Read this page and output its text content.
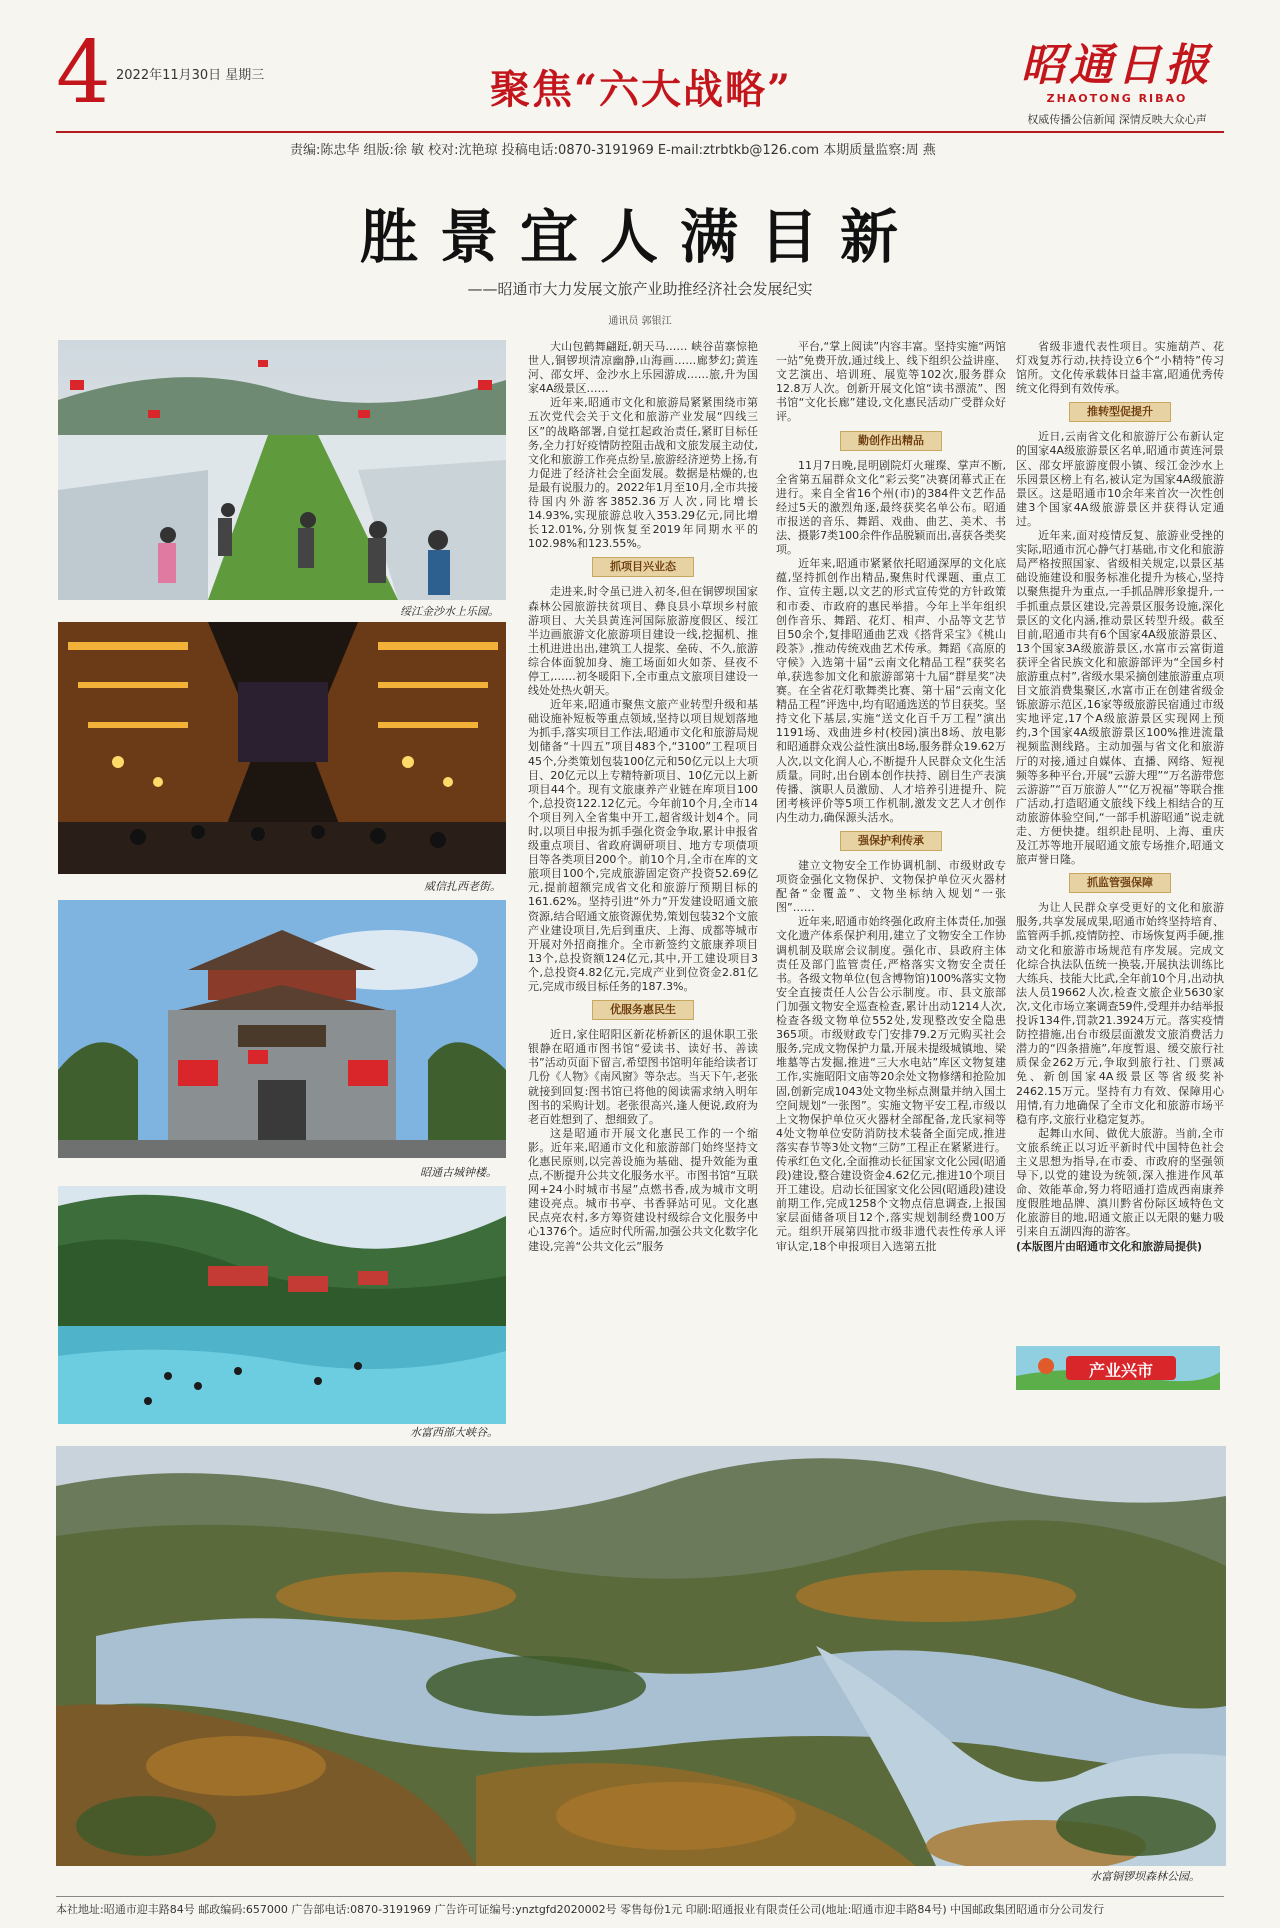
4 2022年11月30日 星期三	聚焦“六大战略”	昭通日报
ZHAOTONG RIBAO
权威传播公信新闻 深情反映大众心声
责编:陈忠华 组版:徐 敏 校对:沈艳琼 投稿电话:0870-3191969 E-mail:ztrbtkb@126.com 本期质量监察:周 燕
胜景宜人满目新
——昭通市大力发展文旅产业助推经济社会发展纪实
通讯员 郭银江
绥江金沙水上乐园。
威信扎西老街。
昭通古城钟楼。
水富西部大峡谷。

大山包鹤舞翩跹,朝天马…… 峡谷苗寨惊艳世人,铜锣坝清凉幽静,山海画……廊梦幻;黄连河、邵女坪、金沙水上乐园游成……旅,升为国家4A级景区……

近年来,昭通市文化和旅游局紧紧围绕市第五次党代会关于文化和旅游产业发展“四线三区”的战略部署,自觉扛起政治责任,紧盯目标任务,全力打好疫情防控阻击战和文旅发展主动仗,文化和旅游工作亮点纷呈,旅游经济逆势上扬,有力促进了经济社会全面发展。数据是枯燥的,也是最有说服力的。2022年1月至10月,全市共接待国内外游客3852.36万人次,同比增长14.93%,实现旅游总收入353.29亿元,同比增长12.01%,分别恢复至2019年同期水平的102.98%和123.55%。

抓项目兴业态

走进来,时令虽已进入初冬,但在铜锣坝国家森林公园旅游扶贫项目、彝良县小草坝乡村旅游项目、大关县黄连河国际旅游度假区、绥江半边画旅游文化旅游项目建设一线,挖掘机、推土机进进出出,建筑工人提浆、垒砖、不久,旅游综合体面貌加身、施工场面如火如荼、昼夜不停工,……初冬暖阳下,全市重点文旅项目建设一线处处热火朝天。

近年来,昭通市聚焦文旅产业转型升级和基础设施补短板等重点领域,坚持以项目规划落地为抓手,落实项目工作法,昭通市文化和旅游局规划储备“十四五”项目483个,“3100”工程项目45个,分类策划包装100亿元和50亿元以上大项目、20亿元以上专精特新项目、10亿元以上新项目44个。现有文旅康养产业链在库项目100个,总投资122.12亿元。今年前10个月,全市14个项目列入全省集中开工,超省级计划4个。同时,以项目申报为抓手强化资金争取,累计申报省级重点项目、省政府调研项目、地方专项债项目等各类项目200个。前10个月,全市在库的文旅项目100个,完成旅游固定资产投资52.69亿元,提前超额完成省文化和旅游厅预期目标的161.62%。坚持引进“外力”开发建设昭通文旅资源,结合昭通文旅资源优势,策划包装32个文旅产业建设项目,先后到重庆、上海、成都等城市开展对外招商推介。全市新签约文旅康养项目13个,总投资额124亿元,其中,开工建设项目3个,总投资4.82亿元,完成产业到位资金2.81亿元,完成市级目标任务的187.3%。

优服务惠民生

近日,家住昭阳区新花桥新区的退休职工张银静在昭通市图书馆“爱读书、读好书、善读书”活动页面下留言,希望图书馆明年能给读者订几份《人物》《南风窗》等杂志。当天下午,老张就接到回复:图书馆已将他的阅读需求纳入明年图书的采购计划。老张很高兴,逢人便说,政府为老百姓想到了、想细致了。

这是昭通市开展文化惠民工作的一个缩影。近年来,昭通市文化和旅游部门始终坚持文化惠民原则,以完善设施为基础、提升效能为重点,不断提升公共文化服务水平。市图书馆“互联网+24小时城市书屋”点燃书香,成为城市文明建设亮点。城市书亭、书香驿站可见。文化惠民点亮农村,多方筹资建设村级综合文化服务中心1376个。适应时代所需,加强公共文化数字化建设,完善“公共文化云”服务

平台,“掌上阅读”内容丰富。坚持实施“两馆一站”免费开放,通过线上、线下组织公益讲座、文艺演出、培训班、展览等102次,服务群众12.8万人次。创新开展文化馆“读书漂流”、图书馆“文化长廊”建设,文化惠民活动广受群众好评。

勤创作出精品

11月7日晚,昆明剧院灯火璀璨、掌声不断,全省第五届群众文化“彩云奖”决赛闭幕式正在进行。来自全省16个州(市)的384件文艺作品经过5天的激烈角逐,最终获奖名单公布。昭通市报送的音乐、舞蹈、戏曲、曲艺、美术、书法、摄影7类100余件作品脱颖而出,喜获各类奖项。

近年来,昭通市紧紧依托昭通深厚的文化底蕴,坚持抓创作出精品,聚焦时代课题、重点工作、宣传主题,以文艺的形式宣传党的方针政策和市委、市政府的惠民举措。今年上半年组织创作音乐、舞蹈、花灯、相声、小品等文艺节目50余个,复排昭通曲艺戏《搭背采宝》《桃山段茶》,推动传统戏曲艺术传承。舞蹈《高原的守候》入选第十届“云南文化精品工程”获奖名单,获选参加文化和旅游部第十九届“群星奖”决赛。在全省花灯歌舞类比赛、第十届“云南文化精品工程”评选中,均有昭通选送的节目获奖。坚持文化下基层,实施“送文化百千万工程”演出1191场、戏曲进乡村(校园)演出8场、放电影和昭通群众戏公益性演出8场,服务群众19.62万人次,以文化润人心,不断提升人民群众文化生活质量。同时,出台剧本创作扶持、剧目生产表演传播、演职人员激励、人才培养引进提升、院团考核评价等5项工作机制,激发文艺人才创作内生动力,确保源头活水。

强保护利传承

建立文物安全工作协调机制、市级财政专项资金强化文物保护、文物保护单位灭火器材配备“金覆盖”、文物坐标纳入规划“一张图”……

近年来,昭通市始终强化政府主体责任,加强文化遗产体系保护利用,建立了文物安全工作协调机制及联席会议制度。强化市、县政府主体责任及部门监管责任,严格落实文物安全责任书。各级文物单位(包含博物馆)100%落实文物安全直接责任人公告公示制度。市、县文旅部门加强文物安全巡查检查,累计出动1214人次,检查各级文物单位552处,发现整改安全隐患365项。市级财政专门安排79.2万元购买社会服务,完成文物保护力量,开展未提级城镇地、梁堆墓等古发掘,推进“三大水电站”库区文物复建工作,实施昭阳文庙等20余处文物修缮和抢险加固,创新完成1043处文物坐标点测量并纳入国土空间规划“一张图”。实施文物平安工程,市级以上文物保护单位灭火器材全部配备,龙氏家祠等4处文物单位安防消防技术装备全面完成,推进落实春节等3处文物“三防”工程正在紧紧进行。传承红色文化,全面推动长征国家文化公园(昭通段)建设,整合建设资金4.62亿元,推进10个项目开工建设。启动长征国家文化公园(昭通段)建设前期工作,完成1258个文物点信息调查,上报国家层面储备项目12个,落实规划制经费100万元。组织开展第四批市级非遗代表性传承人评审认定,18个申报项目入选第五批

省级非遗代表性项目。实施葫芦、花灯戏复苏行动,扶持设立6个“小精特”传习馆所。文化传承载体日益丰富,昭通优秀传统文化得到有效传承。

推转型促提升

近日,云南省文化和旅游厅公布新认定的国家4A级旅游景区名单,昭通市黄连河景区、邵女坪旅游度假小镇、绥江金沙水上乐园景区榜上有名,被认定为国家4A级旅游景区。这是昭通市10余年来首次一次性创建3个国家4A级旅游景区并获得认定通过。

近年来,面对疫情反复、旅游业受挫的实际,昭通市沉心静气打基础,市文化和旅游局严格按照国家、省级相关规定,以景区基础设施建设和服务标准化提升为核心,坚持以聚焦提升为重点,一手抓品牌形象提升,一手抓重点景区建设,完善景区服务设施,深化景区的文化内涵,推动景区转型升级。截至目前,昭通市共有6个国家4A级旅游景区、13个国家3A级旅游景区,水富市云富街道获评全省民族文化和旅游部评为“全国乡村旅游重点村”,省级水果采摘创建旅游重点项目文旅消费集聚区,水富市正在创建省级金铄旅游示范区,16家等级旅游民宿通过市级实地评定,17个A级旅游景区实现网上预约,3个国家4A级旅游景区100%推进流量视频监测线路。主动加强与省文化和旅游厅的对接,通过自媒体、直播、网络、短视频等多种平台,开展“云游大理”“万名游带您云游游”“百万旅游人”“亿万祝福”等联合推广活动,打造昭通文旅线下线上相结合的互动旅游体验空间,“一部手机游昭通”说走就走、方便快捷。组织赴昆明、上海、重庆及江苏等地开展昭通文旅专场推介,昭通文旅声誉日隆。

抓监管强保障

为让人民群众享受更好的文化和旅游服务,共享发展成果,昭通市始终坚持培育、监管两手抓,疫情防控、市场恢复两手硬,推动文化和旅游市场规范有序发展。完成文化综合执法队伍统一换装,开展执法训练比大练兵、技能大比武,全年前10个月,出动执法人员19662人次,检查文旅企业5630家次,文化市场立案调查59件,受理并办结举报投诉134件,罚款21.3924万元。落实疫情防控措施,出台市级层面激发文旅消费活力潜力的“四条措施”,年度暂退、缓交旅行社质保金262万元,争取到旅行社、门票减免、新创国家4A级景区等省级奖补2462.15万元。坚持有力有效、保障用心用情,有力地确保了全市文化和旅游市场平稳有序,文旅行业稳定复苏。

起舞山水间、做优大旅游。当前,全市文旅系统正以习近平新时代中国特色社会主义思想为指导,在市委、市政府的坚强领导下,以党的建设为统领,深入推进作风革命、效能革命,努力将昭通打造成西南康养度假胜地品牌、滇川黔省份际区域特色文化旅游目的地,昭通文旅正以无限的魅力吸引来自五湖四海的游客。

(本版图片由昭通市文化和旅游局提供)

产业兴市
水富铜锣坝森林公园。
本社地址:昭通市迎丰路84号 邮政编码:657000 广告部电话:0870-3191969 广告许可证编号:ynztgfd2020002号 零售每份1元 印刷:昭通报业有限责任公司(地址:昭通市迎丰路84号) 中国邮政集团昭通市分公司发行
